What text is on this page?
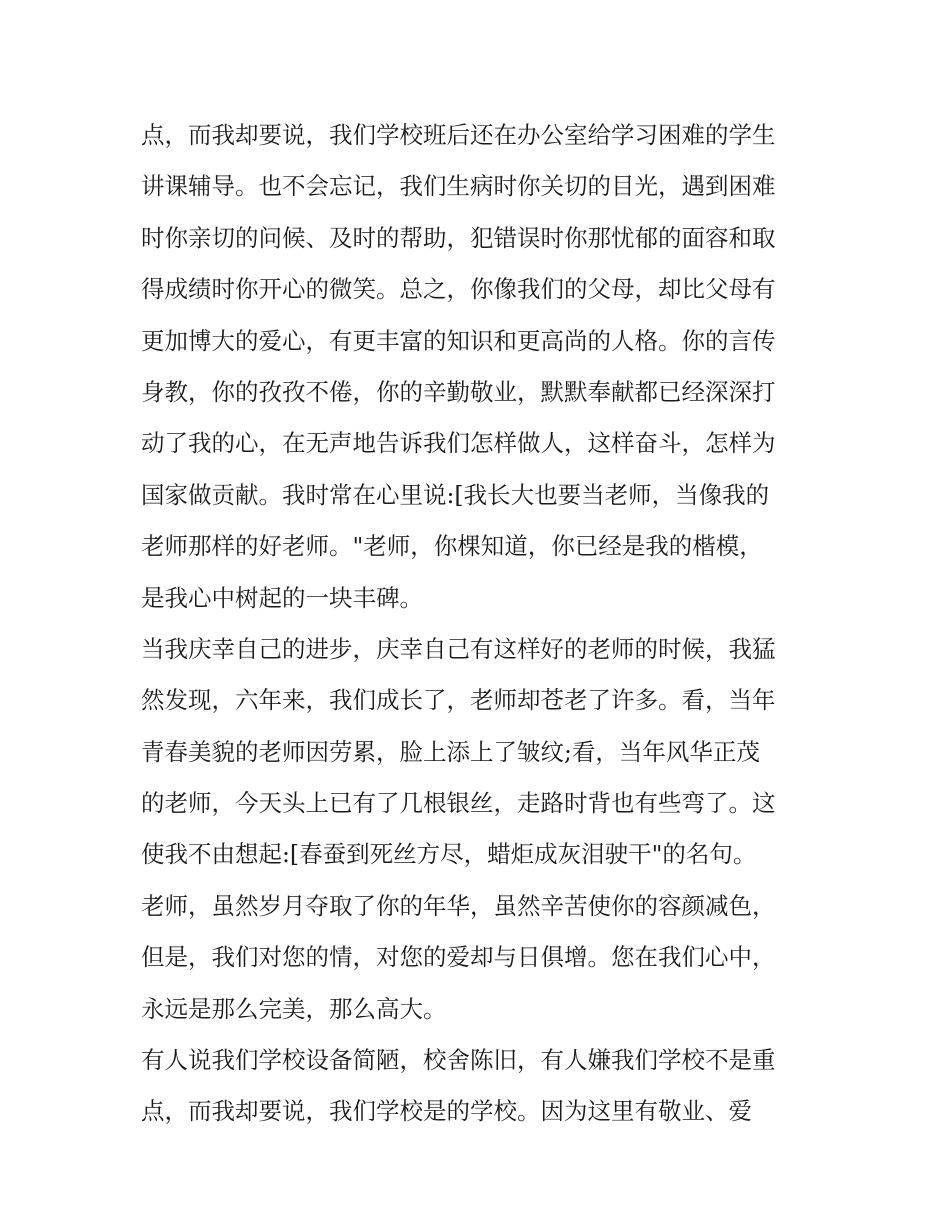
点，而我却要说，我们学校班后还在办公室给学习困难的学生
讲课辅导。也不会忘记，我们生病时你关切的目光，遇到困难
时你亲切的问候、及时的帮助，犯错误时你那忧郁的面容和取
得成绩时你开心的微笑。总之，你像我们的父母，却比父母有
更加博大的爱心，有更丰富的知识和更高尚的人格。你的言传
身教，你的孜孜不倦，你的辛勤敬业，默默奉献都已经深深打
动了我的心，在无声地告诉我们怎样做人，这样奋斗，怎样为
国家做贡献。我时常在心里说:[我长大也要当老师，当像我的
老师那样的好老师。"老师，你棵知道，你已经是我的楷模，
是我心中树起的一块丰碑。
当我庆幸自己的进步，庆幸自己有这样好的老师的时候，我猛
然发现，六年来，我们成长了，老师却苍老了许多。看，当年
青春美貌的老师因劳累，脸上添上了皱纹;看，当年风华正茂
的老师，今天头上已有了几根银丝，走路时背也有些弯了。这
使我不由想起:[春蚕到死丝方尽，蜡炬成灰泪驶干"的名句。
老师，虽然岁月夺取了你的年华，虽然辛苦使你的容颜减色，
但是，我们对您的情，对您的爱却与日俱增。您在我们心中，
永远是那么完美，那么高大。
有人说我们学校设备简陋，校舍陈旧，有人嫌我们学校不是重
点，而我却要说，我们学校是的学校。因为这里有敬业、爱
